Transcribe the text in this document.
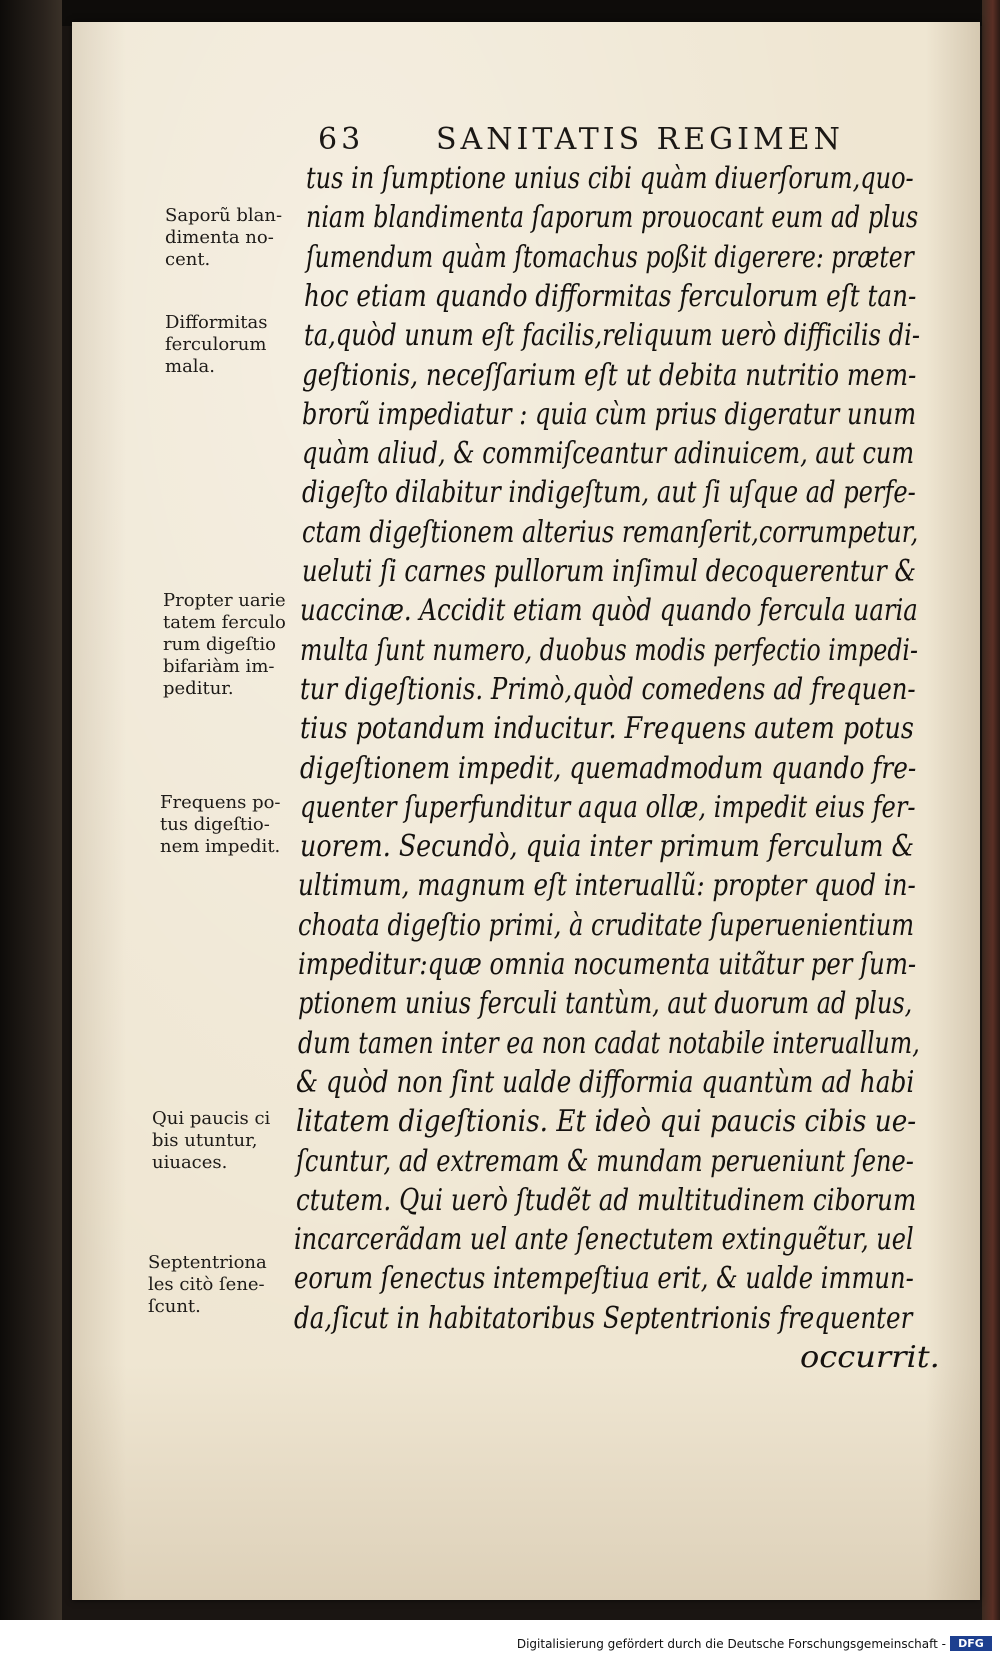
63 SANITATIS REGIMEN
tus in ſumptione unius cibi quàm diuerſorum,quo-
niam blandimenta ſaporum prouocant eum ad plus
ſumendum quàm ſtomachus poßit digerere: præter
hoc etiam quando difformitas ferculorum eſt tan-
ta,quòd unum eſt facilis,reliquum uerò difficilis di-
geſtionis, neceſſarium eſt ut debita nutritio mem-
brorũ impediatur : quia cùm prius digeratur unum
quàm aliud, & commiſceantur adinuicem, aut cum
digeſto dilabitur indigeſtum, aut ſi uſque ad perfe-
ctam digeſtionem alterius remanſerit,corrumpetur,
ueluti ſi carnes pullorum inſimul decoquerentur &
uaccinæ. Accidit etiam quòd quando fercula uaria
multa ſunt numero, duobus modis perfectio impedi-
tur digeſtionis. Primò,quòd comedens ad frequen-
tius potandum inducitur. Frequens autem potus
digeſtionem impedit, quemadmodum quando fre-
quenter ſuperfunditur aqua ollæ, impedit eius fer-
uorem. Secundò, quia inter primum ferculum &
ultimum, magnum eſt interuallũ: propter quod in-
choata digeſtio primi, à cruditate ſuperuenientium
impeditur:quæ omnia nocumenta uitãtur per ſum-
ptionem unius ferculi tantùm, aut duorum ad plus,
dum tamen inter ea non cadat notabile interuallum,
& quòd non ſint ualde difformia quantùm ad habi
litatem digeſtionis. Et ideò qui paucis cibis ue-
ſcuntur, ad extremam & mundam perueniunt ſene-
ctutem. Qui uerò ſtudẽt ad multitudinem ciborum
incarcerãdam uel ante ſenectutem extinguẽtur, uel
eorum ſenectus intempeſtiua erit, & ualde immun-
da,ſicut in habitatoribus Septentrionis frequenter
occurrit.
Saporũ blan-
dimenta no-
cent.
Difformitas
ferculorum
mala.
Propter uarie
tatem ferculo
rum digeſtio
bifariàm im-
peditur.
Frequens po-
tus digeſtio-
nem impedit.
Qui paucis ci
bis utuntur,
uiuaces.
Septentriona
les citò ſene-
ſcunt.
Digitalisierung gefördert durch die Deutsche Forschungsgemeinschaft -	DFG
